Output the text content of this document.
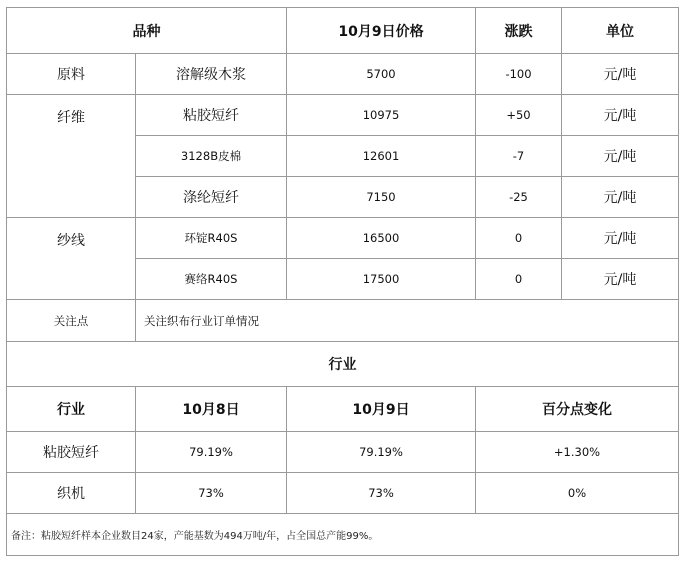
品种		10月9日价格	涨跌	单位
原料	溶解级木浆	5700	-100	元/吨
纤维	粘胶短纤	10975	+50	元/吨
	3128B皮棉	12601	-7	元/吨
	涤纶短纤	7150	-25	元/吨
纱线	环锭R40S	16500	0	元/吨
	赛络R40S	17500	0	元/吨
关注点	关注织布行业订单情况			
行业				
行业	10月8日	10月9日	百分点变化	
粘胶短纤	79.19%	79.19%	+1.30%	
织机	73%	73%	0%	
备注：粘胶短纤样本企业数目24家，产能基数为494万吨/年，占全国总产能99%。				
